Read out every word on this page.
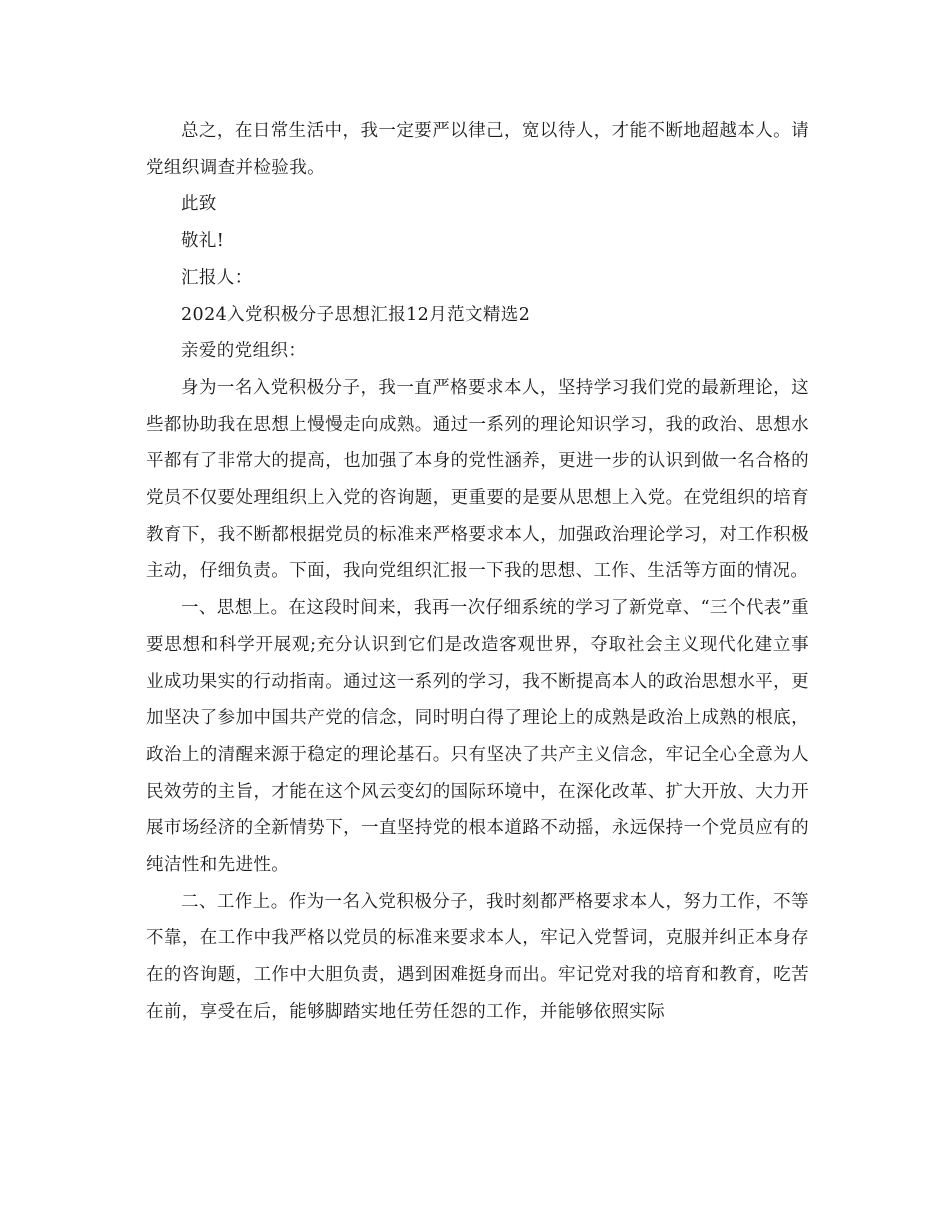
总之，在日常生活中，我一定要严以律己，宽以待人，才能不断地超越本人。请党组织调查并检验我。

此致

敬礼!

汇报人：

2024入党积极分子思想汇报12月范文精选2

亲爱的党组织：

身为一名入党积极分子，我一直严格要求本人，坚持学习我们党的最新理论，这些都协助我在思想上慢慢走向成熟。通过一系列的理论知识学习，我的政治、思想水平都有了非常大的提高，也加强了本身的党性涵养，更进一步的认识到做一名合格的党员不仅要处理组织上入党的咨询题，更重要的是要从思想上入党。在党组织的培育教育下，我不断都根据党员的标准来严格要求本人，加强政治理论学习，对工作积极主动，仔细负责。下面，我向党组织汇报一下我的思想、工作、生活等方面的情况。

一、思想上。在这段时间来，我再一次仔细系统的学习了新党章、“三个代表”重要思想和科学开展观;充分认识到它们是改造客观世界，夺取社会主义现代化建立事业成功果实的行动指南。通过这一系列的学习，我不断提高本人的政治思想水平，更加坚决了参加中国共产党的信念，同时明白得了理论上的成熟是政治上成熟的根底，政治上的清醒来源于稳定的理论基石。只有坚决了共产主义信念，牢记全心全意为人民效劳的主旨，才能在这个风云变幻的国际环境中，在深化改革、扩大开放、大力开展市场经济的全新情势下，一直坚持党的根本道路不动摇，永远保持一个党员应有的纯洁性和先进性。

二、工作上。作为一名入党积极分子，我时刻都严格要求本人，努力工作，不等不靠，在工作中我严格以党员的标准来要求本人，牢记入党誓词，克服并纠正本身存在的咨询题，工作中大胆负责，遇到困难挺身而出。牢记党对我的培育和教育，吃苦在前，享受在后，能够脚踏实地任劳任怨的工作，并能够依照实际
